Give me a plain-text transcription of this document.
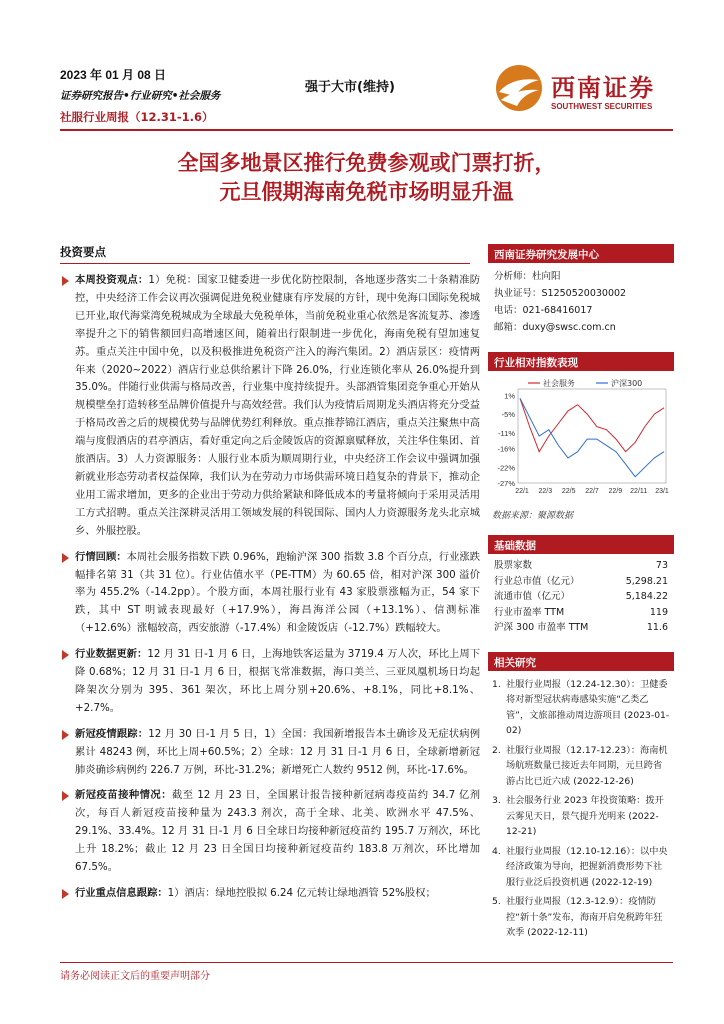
2023 年 01 月 08 日
证券研究报告•行业研究•社会服务
社服行业周报（12.31-1.6）
强于大市(维持)	西南证券
SOUTHWEST SECURITIES
全国多地景区推行免费参观或门票打折，
元旦假期海南免税市场明显升温
投资要点
本周投资观点：1）免税：国家卫健委进一步优化防控限制，各地逐步落实二十条精准防控，中央经济工作会议再次强调促进免税业健康有序发展的方针，现中免海口国际免税城已开业,取代海棠湾免税城成为全球最大免税单体，当前免税业重心依然是客流复苏、渗透率提升之下的销售额回归高增速区间，随着出行限制进一步优化，海南免税有望加速复苏。重点关注中国中免，以及积极推进免税资产注入的海汽集团。2）酒店景区：疫情两年来（2020~2022）酒店行业总供给累计下降 26.0%，行业连锁化率从 26.0%提升到 35.0%。伴随行业供需与格局改善，行业集中度持续提升。头部酒管集团竞争重心开始从规模壁垒打造转移至品牌价值提升与高效经营。我们认为疫情后周期龙头酒店将充分受益于格局改善之后的规模优势与品牌优势红利释放。重点推荐锦江酒店，重点关注聚焦中高端与度假酒店的君亭酒店，看好重定向之后金陵饭店的资源禀赋释放，关注华住集团、首旅酒店。3）人力资源服务：人服行业本质为顺周期行业，中央经济工作会议中强调加强新就业形态劳动者权益保障，我们认为在劳动力市场供需环境日趋复杂的背景下，推动企业用工需求增加，更多的企业出于劳动力供给紧缺和降低成本的考量将倾向于采用灵活用工方式招聘。重点关注深耕灵活用工领域发展的科锐国际、国内人力资源服务龙头北京城乡、外服控股。
行情回顾：本周社会服务指数下跌 0.96%，跑输沪深 300 指数 3.8 个百分点，行业涨跌幅排名第 31（共 31 位）。行业估值水平（PE-TTM）为 60.65 倍，相对沪深 300 溢价率为 455.2%（-14.2pp）。个股方面，本周社服行业有 43 家股票涨幅为正，54 家下跌，其中 ST 明诚表现最好（+17.9%），海昌海洋公园（+13.1%）、信测标准（+12.6%）涨幅较高，西安旅游（-17.4%）和金陵饭店（-12.7%）跌幅较大。
行业数据更新：12 月 31 日-1 月 6 日，上海地铁客运量为 3719.4 万人次，环比上周下降 0.68%；12 月 31 日-1 月 6 日，根据飞常准数据，海口美兰、三亚凤凰机场日均起降架次分别为 395、361 架次，环比上周分别+20.6%、+8.1%，同比+8.1%、+2.7%。
新冠疫情跟踪：12 月 30 日-1 月 5 日，1）全国：我国新增报告本土确诊及无症状病例累计 48243 例，环比上周+60.5%；2）全球：12 月 31 日-1 月 6 日，全球新增新冠肺炎确诊病例约 226.7 万例，环比-31.2%；新增死亡人数约 9512 例，环比-17.6%。
新冠疫苗接种情况：截至 12 月 23 日，全国累计报告接种新冠病毒疫苗约 34.7 亿剂次，每百人新冠疫苗接种量为 243.3 剂次，高于全球、北美、欧洲水平 47.5%、29.1%、33.4%。12 月 31 日-1 月 6 日全球日均接种新冠疫苗约 195.7 万剂次，环比上升 18.2%；截止 12 月 23 日全国日均接种新冠疫苗约 183.8 万剂次，环比增加 67.5%。
行业重点信息跟踪：1）酒店：绿地控股拟 6.24 亿元转让绿地酒管 52%股权；
西南证券研究发展中心
分析师：杜向阳
执业证号：S1250520030002
电话：021-68416017
邮箱：duxy@swsc.com.cn
行业相对指数表现
1%
-5%
-11%
-16%
-22%
-27%
22/1 22/3 22/5 22/7 22/9 22/11 23/1
社会服务	沪深300
数据来源：聚源数据
基础数据
股票家数	73
行业总市值（亿元）	5,298.21
流通市值（亿元）	5,184.22
行业市盈率 TTM	119
沪深 300 市盈率 TTM	11.6
相关研究
1. 社服行业周报（12.24-12.30）：卫健委将对新型冠状病毒感染实施“乙类乙管”，文旅部推动周边游项目 (2023-01-02)
2. 社服行业周报（12.17-12.23）：海南机场航班数量已接近去年同期，元旦跨省游占比已近六成 (2022-12-26)
3. 社会服务行业 2023 年投资策略：拨开云雾见天日，景气提升光明来 (2022-12-21)
4. 社服行业周报（12.10-12.16）：以中央经济政策为导向，把握新消费形势下社服行业泛后投资机遇 (2022-12-19)
5. 社服行业周报（12.3-12.9）：疫情防控“新十条”发布，海南开启免税跨年狂欢季 (2022-12-11)
请务必阅读正文后的重要声明部分
